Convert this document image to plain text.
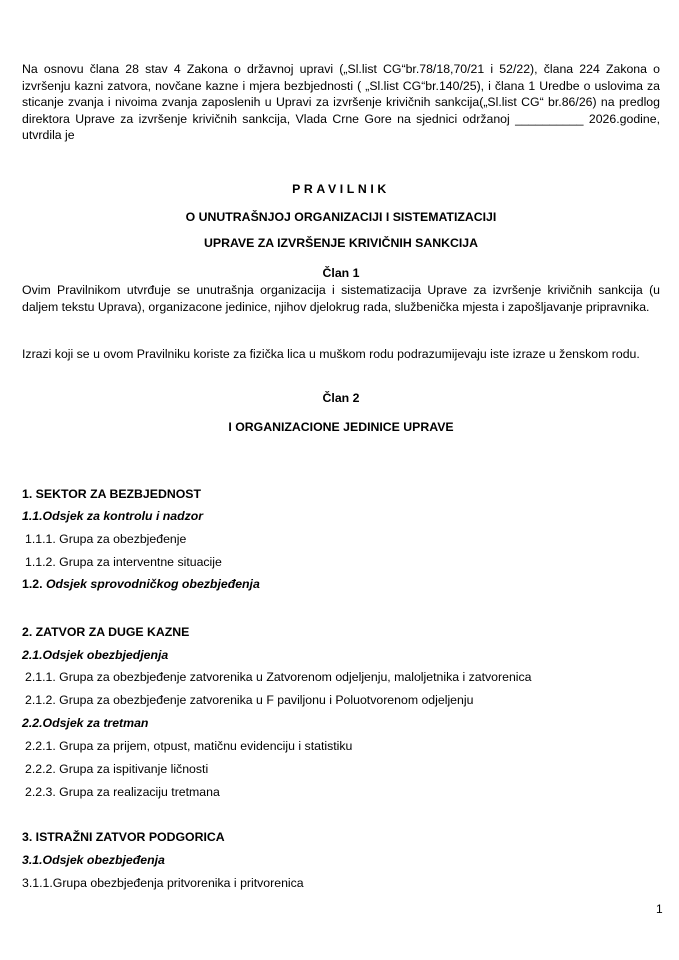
Na osnovu člana 28 stav 4 Zakona o državnoj upravi („Sl.list CG“br.78/18,70/21 i 52/22), člana 224 Zakona o izvršenju kazni zatvora, novčane kazne i mjera bezbjednosti ( „Sl.list CG“br.140/25), i člana 1 Uredbe o uslovima za sticanje zvanja i nivoima zvanja zaposlenih u Upravi za izvršenje krivičnih sankcija(„Sl.list CG“ br.86/26) na predlog direktora Uprave za izvršenje krivičnih sankcija, Vlada Crne Gore na sjednici održanoj __________ 2026.godine, utvrdila je

PRAVILNIK
O UNUTRAŠNJOJ ORGANIZACIJI I SISTEMATIZACIJI
UPRAVE ZA IZVRŠENJE KRIVIČNIH SANKCIJA
Član 1

Ovim Pravilnikom utvrđuje se unutrašnja organizacija i sistematizacija Uprave za izvršenje krivičnih sankcija (u daljem tekstu Uprava), organizacone jedinice, njihov djelokrug rada, službenička mjesta i zapošljavanje pripravnika.

Izrazi koji se u ovom Pravilniku koriste za fizička lica u muškom rodu podrazumijevaju iste izraze u ženskom rodu.

Član 2
I ORGANIZACIONE JEDINICE UPRAVE
1. SEKTOR ZA BEZBJEDNOST
1.1.Odsjek za kontrolu i nadzor
1.1.1. Grupa za obezbjeđenje
1.1.2. Grupa za interventne situacije
1.2. Odsjek sprovodničkog obezbjeđenja
2. ZATVOR ZA DUGE KAZNE
2.1.Odsjek obezbjedjenja
2.1.1. Grupa za obezbjeđenje zatvorenika u Zatvorenom odjeljenju, maloljetnika i zatvorenica
2.1.2. Grupa za obezbjeđenje zatvorenika u F paviljonu i Poluotvorenom odjeljenju
2.2.Odsjek za tretman
2.2.1. Grupa za prijem, otpust, matičnu evidenciju i statistiku
2.2.2. Grupa za ispitivanje ličnosti
2.2.3. Grupa za realizaciju tretmana
3. ISTRAŽNI ZATVOR PODGORICA
3.1.Odsjek obezbjeđenja
3.1.1.Grupa obezbjeđenja pritvorenika i pritvorenica
1
